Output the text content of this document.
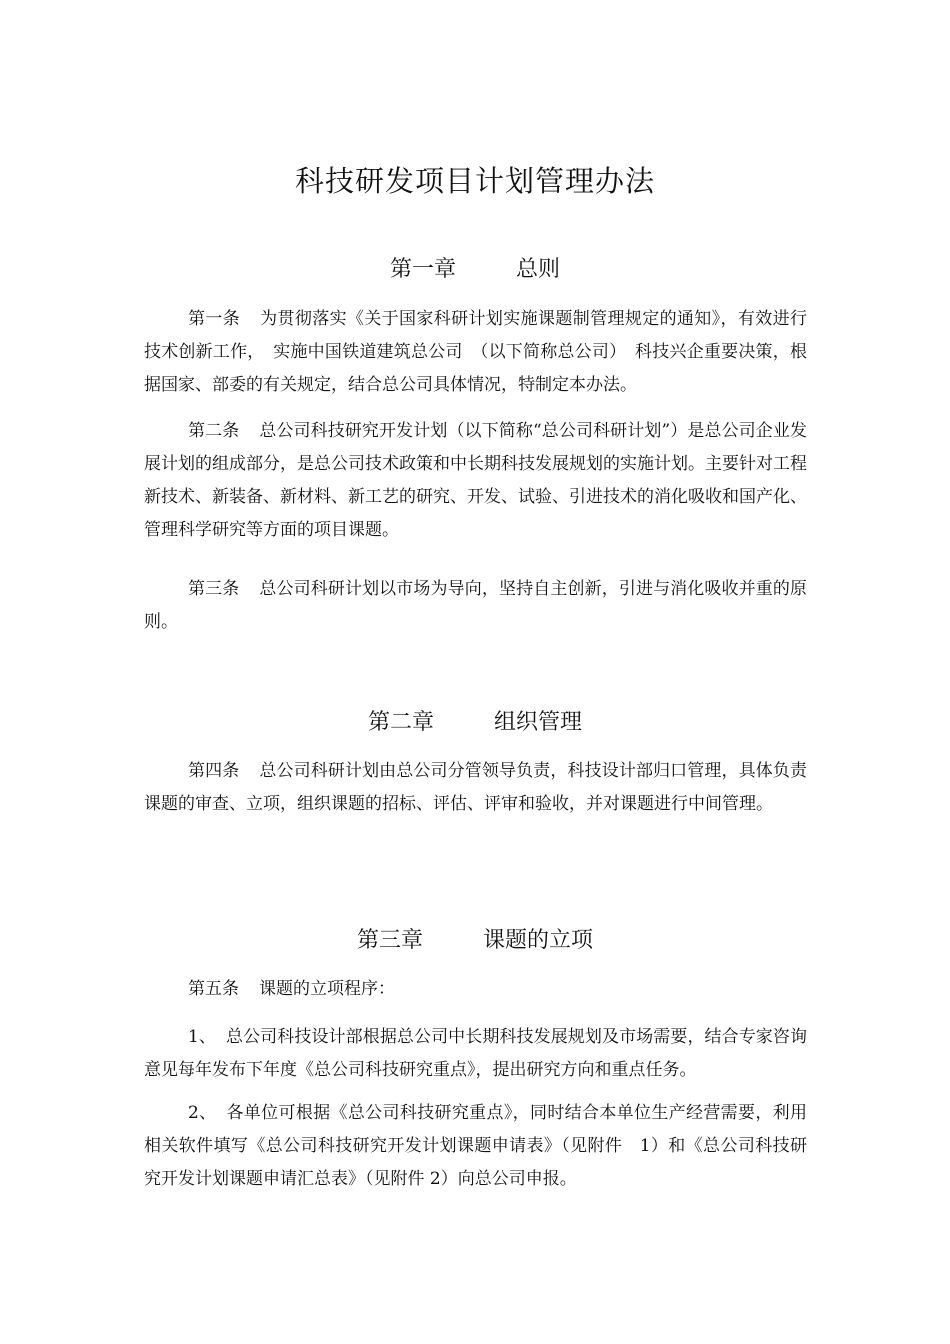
科技研发项目计划管理办法
第一章	总则
第一条 为贯彻落实《关于国家科研计划实施课题制管理规定的通知》，有效进行技术创新工作，　实施中国铁道建筑总公司　（以下简称总公司）　科技兴企重要决策，根据国家、部委的有关规定，结合总公司具体情况，特制定本办法。
第二条 总公司科技研究开发计划（以下简称“总公司科研计划”）是总公司企业发展计划的组成部分，是总公司技术政策和中长期科技发展规划的实施计划。主要针对工程新技术、新装备、新材料、新工艺的研究、开发、试验、引进技术的消化吸收和国产化、管理科学研究等方面的项目课题。
第三条 总公司科研计划以市场为导向，坚持自主创新，引进与消化吸收并重的原则。
第二章	组织管理
第四条 总公司科研计划由总公司分管领导负责，科技设计部归口管理，具体负责课题的审查、立项，组织课题的招标、评估、评审和验收，并对课题进行中间管理。
第三章	课题的立项
第五条 课题的立项程序：
1、 总公司科技设计部根据总公司中长期科技发展规划及市场需要，结合专家咨询意见每年发布下年度《总公司科技研究重点》，提出研究方向和重点任务。
2、 各单位可根据《总公司科技研究重点》，同时结合本单位生产经营需要，利用相关软件填写《总公司科技研究开发计划课题申请表》（见附件　1）和《总公司科技研究开发计划课题申请汇总表》（见附件 2）向总公司申报。
